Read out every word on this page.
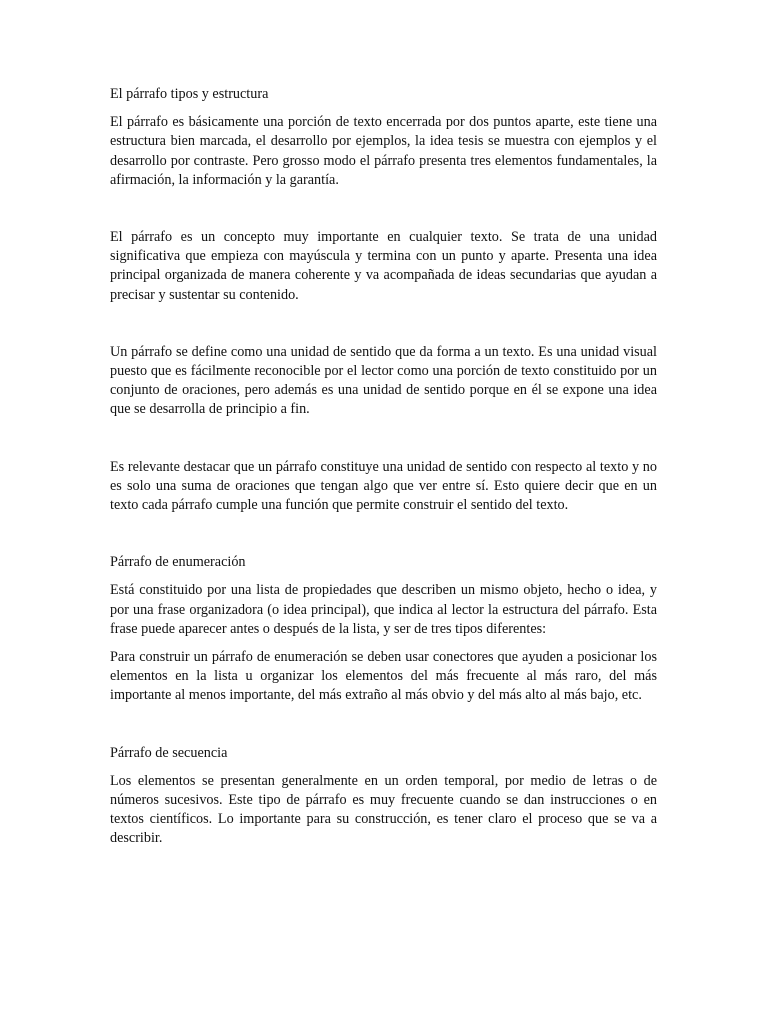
El párrafo tipos y estructura

El párrafo es básicamente una porción de texto encerrada por dos puntos aparte, este tiene una estructura bien marcada, el desarrollo por ejemplos, la idea tesis se muestra con ejemplos y el desarrollo por contraste. Pero grosso modo el párrafo presenta tres elementos fundamentales, la afirmación, la información y la garantía.

El párrafo es un concepto muy importante en cualquier texto. Se trata de una unidad significativa que empieza con mayúscula y termina con un punto y aparte. Presenta una idea principal organizada de manera coherente y va acompañada de ideas secundarias que ayudan a precisar y sustentar su contenido.

Un párrafo se define como una unidad de sentido que da forma a un texto. Es una unidad visual puesto que es fácilmente reconocible por el lector como una porción de texto constituido por un conjunto de oraciones, pero además es una unidad de sentido porque en él se expone una idea que se desarrolla de principio a fin.

Es relevante destacar que un párrafo constituye una unidad de sentido con respecto al texto y no es solo una suma de oraciones que tengan algo que ver entre sí. Esto quiere decir que en un texto cada párrafo cumple una función que permite construir el sentido del texto.

Párrafo de enumeración

Está constituido por una lista de propiedades que describen un mismo objeto, hecho o idea, y por una frase organizadora (o idea principal), que indica al lector la estructura del párrafo. Esta frase puede aparecer antes o después de la lista, y ser de tres tipos diferentes:

Para construir un párrafo de enumeración se deben usar conectores que ayuden a posicionar los elementos en la lista u organizar los elementos del más frecuente al más raro, del más importante al menos importante, del más extraño al más obvio y del más alto al más bajo, etc.

Párrafo de secuencia

Los elementos se presentan generalmente en un orden temporal, por medio de letras o de números sucesivos. Este tipo de párrafo es muy frecuente cuando se dan instrucciones o en textos científicos. Lo importante para su construcción, es tener claro el proceso que se va a describir.
